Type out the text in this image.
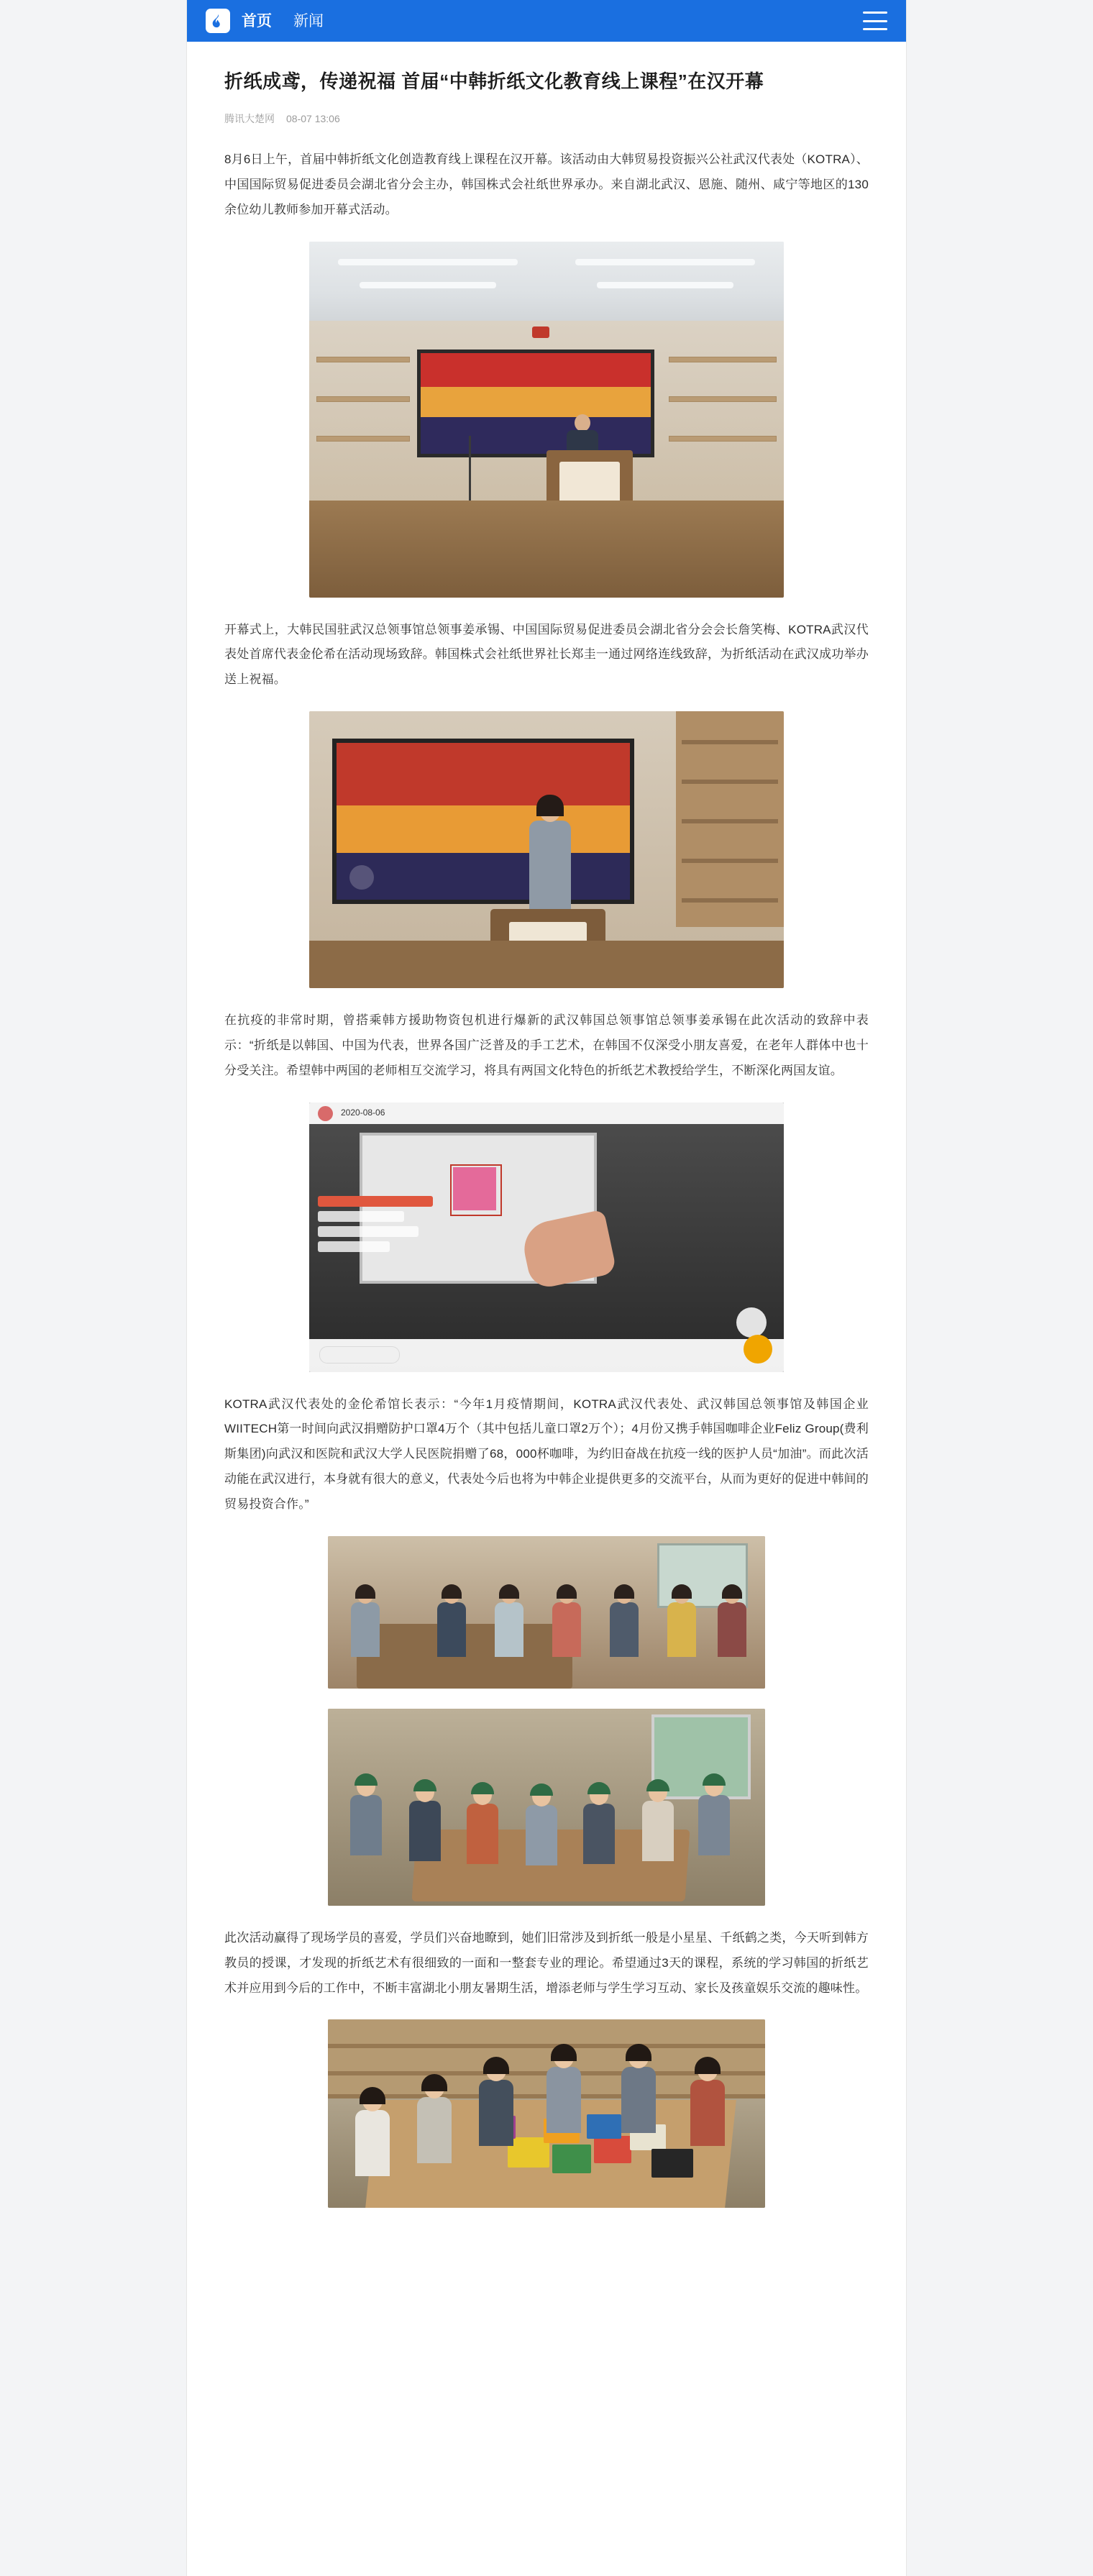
首页 新闻
折纸成鸢，传递祝福 首届“中韩折纸文化教育线上课程”在汉开幕
腾讯大楚网 08-07 13:06

8月6日上午，首届中韩折纸文化创造教育线上课程在汉开幕。该活动由大韩贸易投资振兴公社武汉代表处（KOTRA）、中国国际贸易促进委员会湖北省分会主办，韩国株式会社纸世界承办。来自湖北武汉、恩施、随州、咸宁等地区的130余位幼儿教师参加开幕式活动。

开幕式上，大韩民国驻武汉总领事馆总领事姜承锡、中国国际贸易促进委员会湖北省分会会长詹笑梅、KOTRA武汉代表处首席代表金伦希在活动现场致辞。韩国株式会社纸世界社长郑圭一通过网络连线致辞，为折纸活动在武汉成功举办送上祝福。

在抗疫的非常时期，曾搭乘韩方援助物资包机进行爆新的武汉韩国总领事馆总领事姜承锡在此次活动的致辞中表示：“折纸是以韩国、中国为代表，世界各国广泛普及的手工艺术，在韩国不仅深受小朋友喜爱，在老年人群体中也十分受关注。希望韩中两国的老师相互交流学习，将具有两国文化特色的折纸艺术教授给学生，不断深化两国友谊。

2020-08-06

KOTRA武汉代表处的金伦希馆长表示：“今年1月疫情期间，KOTRA武汉代表处、武汉韩国总领事馆及韩国企业WIITECH第一时间向武汉捐赠防护口罩4万个（其中包括儿童口罩2万个）；4月份又携手韩国咖啡企业Feliz Group(费利斯集团)向武汉和医院和武汉大学人民医院捐赠了68，000杯咖啡，为约旧奋战在抗疫一线的医护人员“加油”。而此次活动能在武汉进行，本身就有很大的意义，代表处今后也将为中韩企业提供更多的交流平台，从而为更好的促进中韩间的贸易投资合作。”

此次活动赢得了现场学员的喜爱，学员们兴奋地瞭到，她们旧常涉及到折纸一般是小星星、千纸鹤之类，今天听到韩方教员的授课，才发现的折纸艺术有很细致的一面和一整套专业的理论。希望通过3天的课程，系统的学习韩国的折纸艺术并应用到今后的工作中，不断丰富湖北小朋友暑期生活，增添老师与学生学习互动、家长及孩童娱乐交流的趣味性。
